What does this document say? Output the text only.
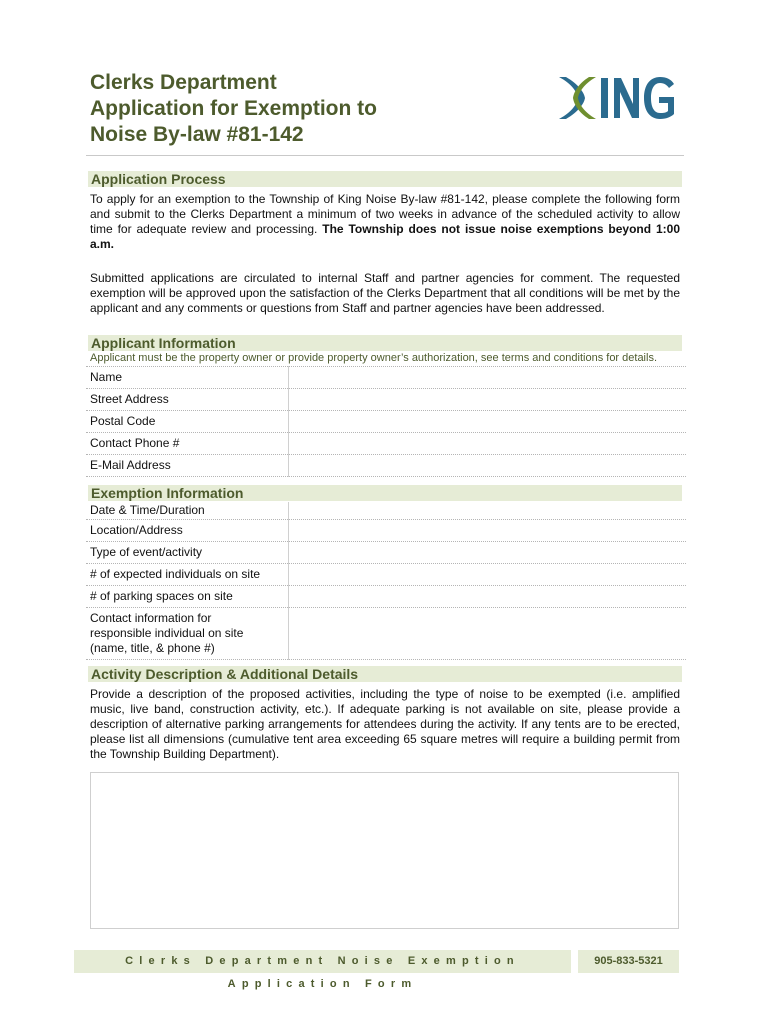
Clerks Department
Application for Exemption to
Noise By-law #81-142
Application Process
To apply for an exemption to the Township of King Noise By-law #81-142, please complete the following form and submit to the Clerks Department a minimum of two weeks in advance of the scheduled activity to allow time for adequate review and processing. The Township does not issue noise exemptions beyond 1:00 a.m.
Submitted applications are circulated to internal Staff and partner agencies for comment. The requested exemption will be approved upon the satisfaction of the Clerks Department that all conditions will be met by the applicant and any comments or questions from Staff and partner agencies have been addressed.
Applicant Information
Applicant must be the property owner or provide property owner’s authorization, see terms and conditions for details.
Name	
Street Address	
Postal Code	
Contact Phone #	
E-Mail Address	
Exemption Information
Date & Time/Duration	
Location/Address	
Type of event/activity	
# of expected individuals on site	
# of parking spaces on site	
Contact information for responsible individual on site (name, title, & phone #)	
Activity Description & Additional Details
Provide a description of the proposed activities, including the type of noise to be exempted (i.e. amplified music, live band, construction activity, etc.). If adequate parking is not available on site, please provide a description of alternative parking arrangements for attendees during the activity. If any tents are to be erected, please list all dimensions (cumulative tent area exceeding 65 square metres will require a building permit from the Township Building Department).
Clerks Department Noise Exemption Application Form
905-833-5321
